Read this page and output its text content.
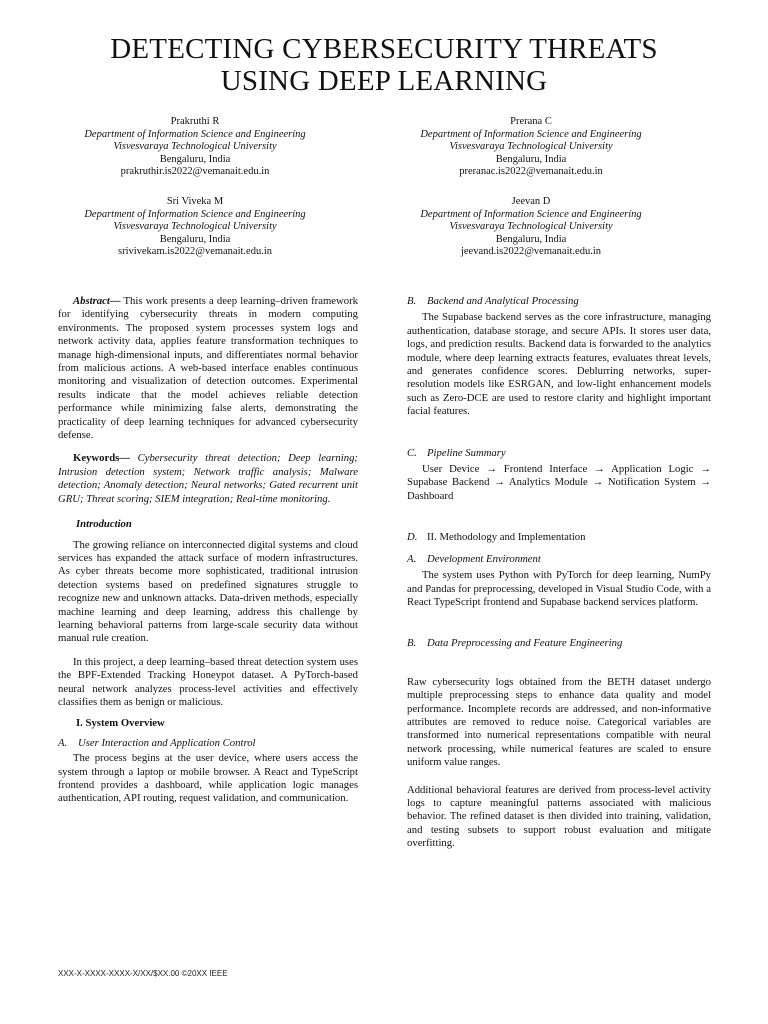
DETECTING CYBERSECURITY THREATS
USING DEEP LEARNING
Prakruthi R
Department of Information Science and Engineering
Visvesvaraya Technological University
Bengaluru, India
prakruthir.is2022@vemanait.edu.in
Prerana C
Department of Information Science and Engineering
Visvesvaraya Technological University
Bengaluru, India
preranac.is2022@vemanait.edu.in
Sri Viveka M
Department of Information Science and Engineering
Visvesvaraya Technological University
Bengaluru, India
srivivekam.is2022@vemanait.edu.in
Jeevan D
Department of Information Science and Engineering
Visvesvaraya Technological University
Bengaluru, India
jeevand.is2022@vemanait.edu.in

Abstract— This work presents a deep learning–driven framework for identifying cybersecurity threats in modern computing environments. The proposed system processes system logs and network activity data, applies feature transformation techniques to manage high-dimensional inputs, and differentiates normal behavior from malicious actions. A web-based interface enables continuous monitoring and visualization of detection outcomes. Experimental results indicate that the model achieves reliable detection performance while minimizing false alerts, demonstrating the practicality of deep learning techniques for advanced cybersecurity defense.

Keywords— Cybersecurity threat detection; Deep learning; Intrusion detection system; Network traffic analysis; Malware detection; Anomaly detection; Neural networks; Gated recurrent unit GRU; Threat scoring; SIEM integration; Real-time monitoring.

Introduction

The growing reliance on interconnected digital systems and cloud services has expanded the attack surface of modern infrastructures. As cyber threats become more sophisticated, traditional intrusion detection systems based on predefined signatures struggle to recognize new and unknown attacks. Data-driven methods, especially machine learning and deep learning, address this challenge by learning behavioral patterns from large-scale security data without manual rule creation.

In this project, a deep learning–based threat detection system uses the BPF-Extended Tracking Honeypot dataset. A PyTorch-based neural network analyzes process-level activities and effectively classifies them as benign or malicious.

I. System Overview

A. User Interaction and Application Control

The process begins at the user device, where users access the system through a laptop or mobile browser. A React and TypeScript frontend provides a dashboard, while application logic manages authentication, API routing, request validation, and communication.

B. Backend and Analytical Processing

The Supabase backend serves as the core infrastructure, managing authentication, database storage, and secure APIs. It stores user data, logs, and prediction results. Backend data is forwarded to the analytics module, where deep learning extracts features, evaluates threat levels, and generates confidence scores. Deblurring networks, super-resolution models like ESRGAN, and low-light enhancement models such as Zero-DCE are used to restore clarity and highlight important facial features.

C. Pipeline Summary

User Device → Frontend Interface → Application Logic → Supabase Backend → Analytics Module → Notification System → Dashboard

D. II. Methodology and Implementation

A. Development Environment

The system uses Python with PyTorch for deep learning, NumPy and Pandas for preprocessing, developed in Visual Studio Code, with a React TypeScript frontend and Supabase backend services platform.

B. Data Preprocessing and Feature Engineering

Raw cybersecurity logs obtained from the BETH dataset undergo multiple preprocessing steps to enhance data quality and model performance. Incomplete records are addressed, and non-informative attributes are removed to reduce noise. Categorical variables are transformed into numerical representations compatible with neural network processing, while numerical features are scaled to ensure uniform value ranges.

Additional behavioral features are derived from process-level activity logs to capture meaningful patterns associated with malicious behavior. The refined dataset is then divided into training, validation, and testing subsets to support robust evaluation and mitigate overfitting.

XXX-X-XXXX-XXXX-X/XX/$XX.00 ©20XX IEEE
